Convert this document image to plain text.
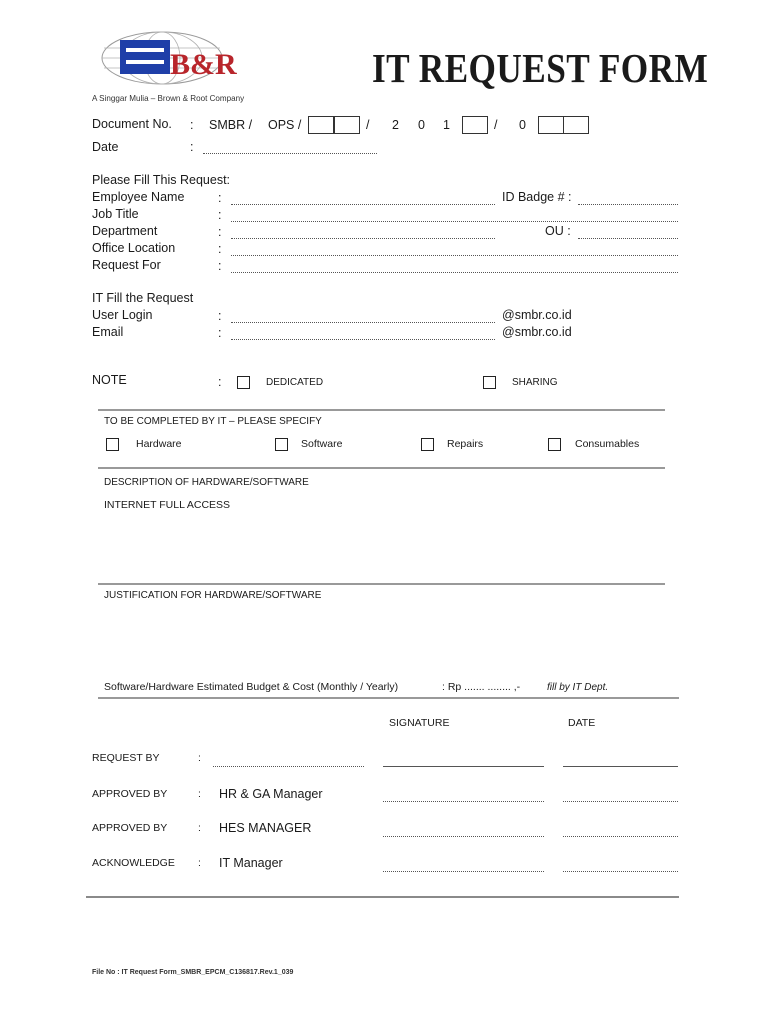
B&R
A Singgar Mulia – Brown & Root Company
IT REQUEST FORM
Document No. : SMBR / OPS /	/ 2 0 1	/ 0
Date	:
Please Fill This Request:
Employee Name	:	ID Badge # :
Job Title	:
Department	:	OU :
Office Location	:
Request For	:
IT Fill the Request
User Login	:	@smbr.co.id
Email	:	@smbr.co.id
NOTE	:	DEDICATED	SHARING
TO BE COMPLETED BY IT – PLEASE SPECIFY
Hardware	Software	Repairs	Consumables
DESCRIPTION OF HARDWARE/SOFTWARE
INTERNET FULL ACCESS
JUSTIFICATION FOR HARDWARE/SOFTWARE
Software/Hardware Estimated Budget & Cost (Monthly / Yearly)	: Rp ....... ........ ,-	fill by IT Dept.
SIGNATURE	DATE
REQUEST BY	:
APPROVED BY	: HR & GA Manager
APPROVED BY	: HES MANAGER
ACKNOWLEDGE : IT Manager
File No : IT Request Form_SMBR_EPCM_C136817.Rev.1_039
